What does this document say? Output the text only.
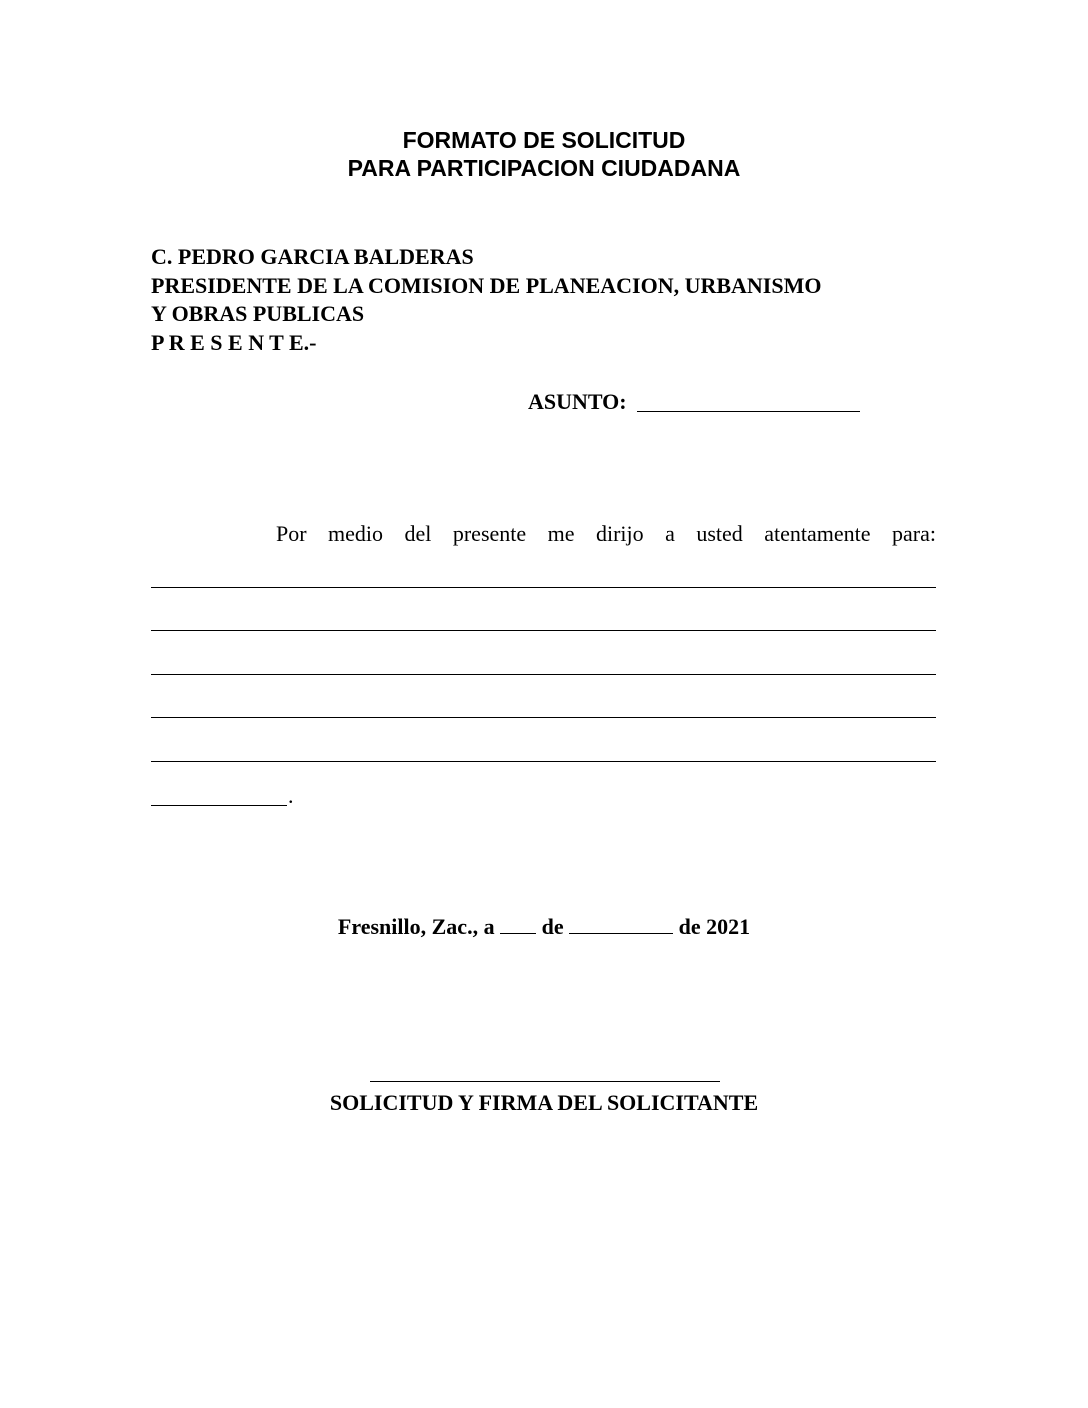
FORMATO DE SOLICITUD
PARA PARTICIPACION CIUDADANA
C. PEDRO GARCIA BALDERAS
PRESIDENTE DE LA COMISION DE PLANEACION, URBANISMO
Y OBRAS PUBLICAS
P R E S E N T E.-
ASUNTO:
Por medio del presente me dirijo a usted atentamente para:
.
Fresnillo, Zac., a de	de 2021
SOLICITUD Y FIRMA DEL SOLICITANTE
